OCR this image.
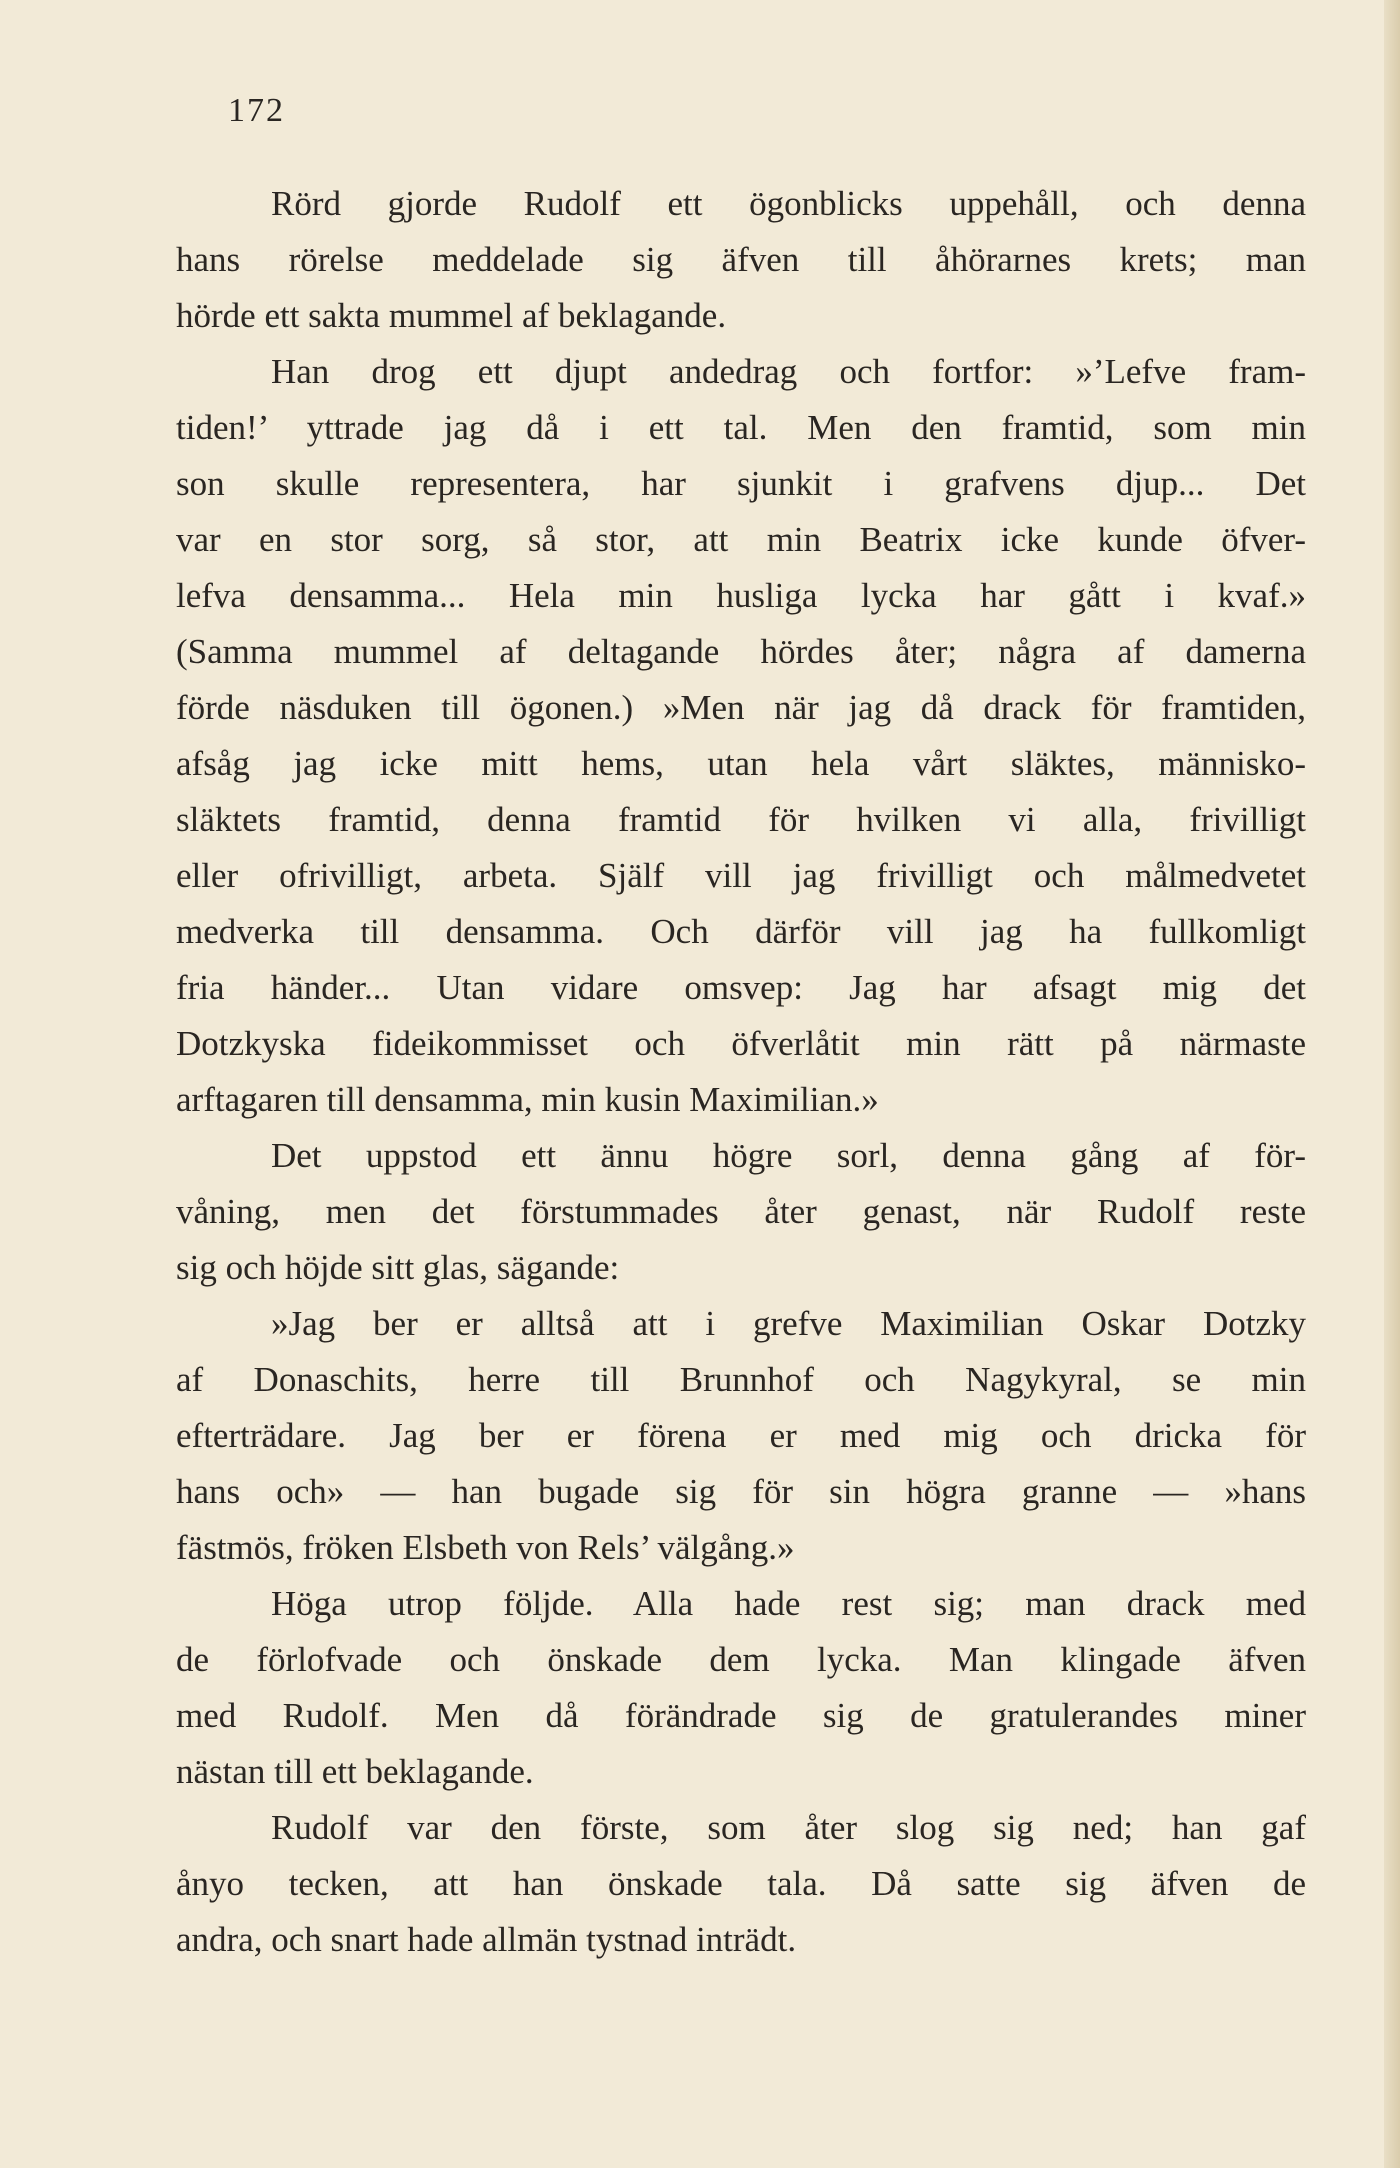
172
Rörd gjorde Rudolf ett ögonblicks uppehåll, och denna
hans rörelse meddelade sig äfven till åhörarnes krets; man
hörde ett sakta mummel af beklagande.
Han drog ett djupt andedrag och fortfor: »’Lefve fram-
tiden!’ yttrade jag då i ett tal. Men den framtid, som min
son skulle representera, har sjunkit i grafvens djup... Det
var en stor sorg, så stor, att min Beatrix icke kunde öfver-
lefva densamma... Hela min husliga lycka har gått i kvaf.»
(Samma mummel af deltagande hördes åter; några af damerna
förde näsduken till ögonen.) »Men när jag då drack för framtiden,
afsåg jag icke mitt hems, utan hela vårt släktes, människo-
släktets framtid, denna framtid för hvilken vi alla, frivilligt
eller ofrivilligt, arbeta. Själf vill jag frivilligt och målmedvetet
medverka till densamma. Och därför vill jag ha fullkomligt
fria händer... Utan vidare omsvep: Jag har afsagt mig det
Dotzkyska fideikommisset och öfverlåtit min rätt på närmaste
arftagaren till densamma, min kusin Maximilian.»
Det uppstod ett ännu högre sorl, denna gång af för-
våning, men det förstummades åter genast, när Rudolf reste
sig och höjde sitt glas, sägande:
»Jag ber er alltså att i grefve Maximilian Oskar Dotzky
af Donaschits, herre till Brunnhof och Nagykyral, se min
efterträdare. Jag ber er förena er med mig och dricka för
hans och» — han bugade sig för sin högra granne — »hans
fästmös, fröken Elsbeth von Rels’ välgång.»
Höga utrop följde. Alla hade rest sig; man drack med
de förlofvade och önskade dem lycka. Man klingade äfven
med Rudolf. Men då förändrade sig de gratulerandes miner
nästan till ett beklagande.
Rudolf var den förste, som åter slog sig ned; han gaf
ånyo tecken, att han önskade tala. Då satte sig äfven de
andra, och snart hade allmän tystnad inträdt.
